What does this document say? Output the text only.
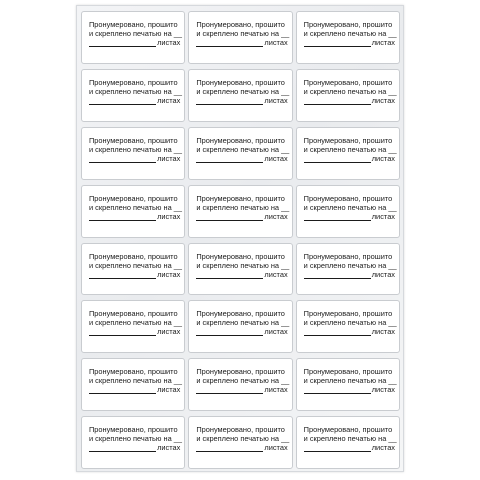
Пронумеровано, прошито
и скреплено печатью на __
листах
Пронумеровано, прошито
и скреплено печатью на __
листах
Пронумеровано, прошито
и скреплено печатью на __
листах
Пронумеровано, прошито
и скреплено печатью на __
листах
Пронумеровано, прошито
и скреплено печатью на __
листах
Пронумеровано, прошито
и скреплено печатью на __
листах
Пронумеровано, прошито
и скреплено печатью на __
листах
Пронумеровано, прошито
и скреплено печатью на __
листах
Пронумеровано, прошито
и скреплено печатью на __
листах
Пронумеровано, прошито
и скреплено печатью на __
листах
Пронумеровано, прошито
и скреплено печатью на __
листах
Пронумеровано, прошито
и скреплено печатью на __
листах
Пронумеровано, прошито
и скреплено печатью на __
листах
Пронумеровано, прошито
и скреплено печатью на __
листах
Пронумеровано, прошито
и скреплено печатью на __
листах
Пронумеровано, прошито
и скреплено печатью на __
листах
Пронумеровано, прошито
и скреплено печатью на __
листах
Пронумеровано, прошито
и скреплено печатью на __
листах
Пронумеровано, прошито
и скреплено печатью на __
листах
Пронумеровано, прошито
и скреплено печатью на __
листах
Пронумеровано, прошито
и скреплено печатью на __
листах
Пронумеровано, прошито
и скреплено печатью на __
листах
Пронумеровано, прошито
и скреплено печатью на __
листах
Пронумеровано, прошито
и скреплено печатью на __
листах
